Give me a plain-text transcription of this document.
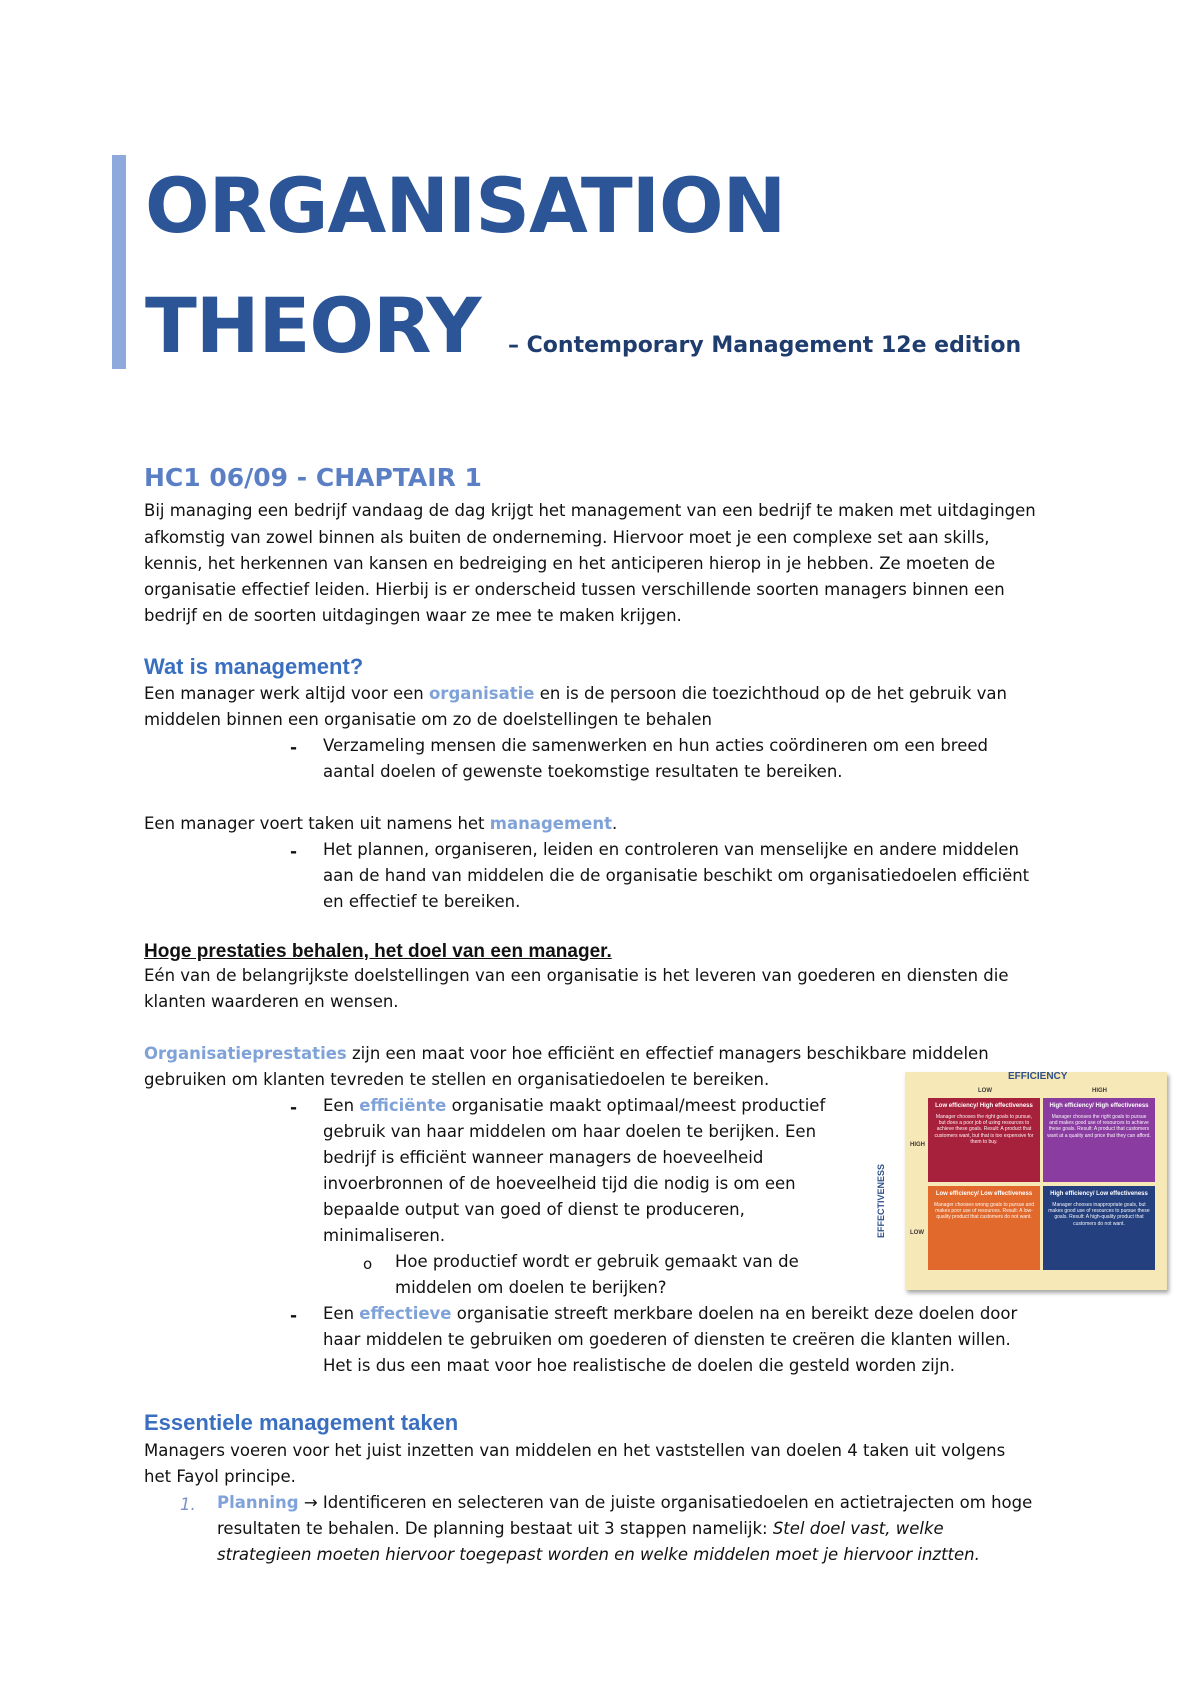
ORGANISATION
THEORY – Contemporary Management 12e edition

HC1 06/09 - CHAPTAIR 1

Bij managing een bedrijf vandaag de dag krijgt het management van een bedrijf te maken met uitdagingen

afkomstig van zowel binnen als buiten de onderneming. Hiervoor moet je een complexe set aan skills,

kennis, het herkennen van kansen en bedreiging en het anticiperen hierop in je hebben. Ze moeten de

organisatie effectief leiden. Hierbij is er onderscheid tussen verschillende soorten managers binnen een

bedrijf en de soorten uitdagingen waar ze mee te maken krijgen.

Wat is management?

Een manager werk altijd voor een organisatie en is de persoon die toezichthoud op de het gebruik van

middelen binnen een organisatie om zo de doelstellingen te behalen

- Verzameling mensen die samenwerken en hun acties coördineren om een breed

aantal doelen of gewenste toekomstige resultaten te bereiken.

Een manager voert taken uit namens het management.

- Het plannen, organiseren, leiden en controleren van menselijke en andere middelen

aan de hand van middelen die de organisatie beschikt om organisatiedoelen efficiënt

en effectief te bereiken.

Hoge prestaties behalen, het doel van een manager.

Eén van de belangrijkste doelstellingen van een organisatie is het leveren van goederen en diensten die

klanten waarderen en wensen.

Organisatieprestaties zijn een maat voor hoe efficiënt en effectief managers beschikbare middelen

gebruiken om klanten tevreden te stellen en organisatiedoelen te bereiken.

- Een efficiënte organisatie maakt optimaal/meest productief

gebruik van haar middelen om haar doelen te berijken. Een

bedrijf is efficiënt wanneer managers de hoeveelheid

invoerbronnen of de hoeveelheid tijd die nodig is om een

bepaalde output van goed of dienst te produceren,

minimaliseren.

o Hoe productief wordt er gebruik gemaakt van de

middelen om doelen te berijken?

- Een effectieve organisatie streeft merkbare doelen na en bereikt deze doelen door

haar middelen te gebruiken om goederen of diensten te creëren die klanten willen.

Het is dus een maat voor hoe realistische de doelen die gesteld worden zijn.

EFFICIENCY
LOW	HIGH
HIGH
LOW
EFFECTIVENESS
Low efficiency/ High effectiveness
Manager chooses the right goals to pursue, but does a poor job of using resources to achieve these goals. Result: A product that customers want, but that is too expensive for them to buy.
High efficiency/ High effectiveness
Manager chooses the right goals to pursue and makes good use of resources to achieve these goals. Result: A product that customers want at a quality and price that they can afford.
Low efficiency/ Low effectiveness
Manager chooses wrong goals to pursue and makes poor use of resources. Result: A low-quality product that customers do not want.
High efficiency/ Low effectiveness
Manager chooses inappropriate goals, but makes good use of resources to pursue these goals. Result: A high-quality product that customers do not want.
Essentiele management taken

Managers voeren voor het juist inzetten van middelen en het vaststellen van doelen 4 taken uit volgens

het Fayol principe.

1. Planning → Identificeren en selecteren van de juiste organisatiedoelen en actietrajecten om hoge

resultaten te behalen. De planning bestaat uit 3 stappen namelijk: Stel doel vast, welke

strategieen moeten hiervoor toegepast worden en welke middelen moet je hiervoor inztten.
